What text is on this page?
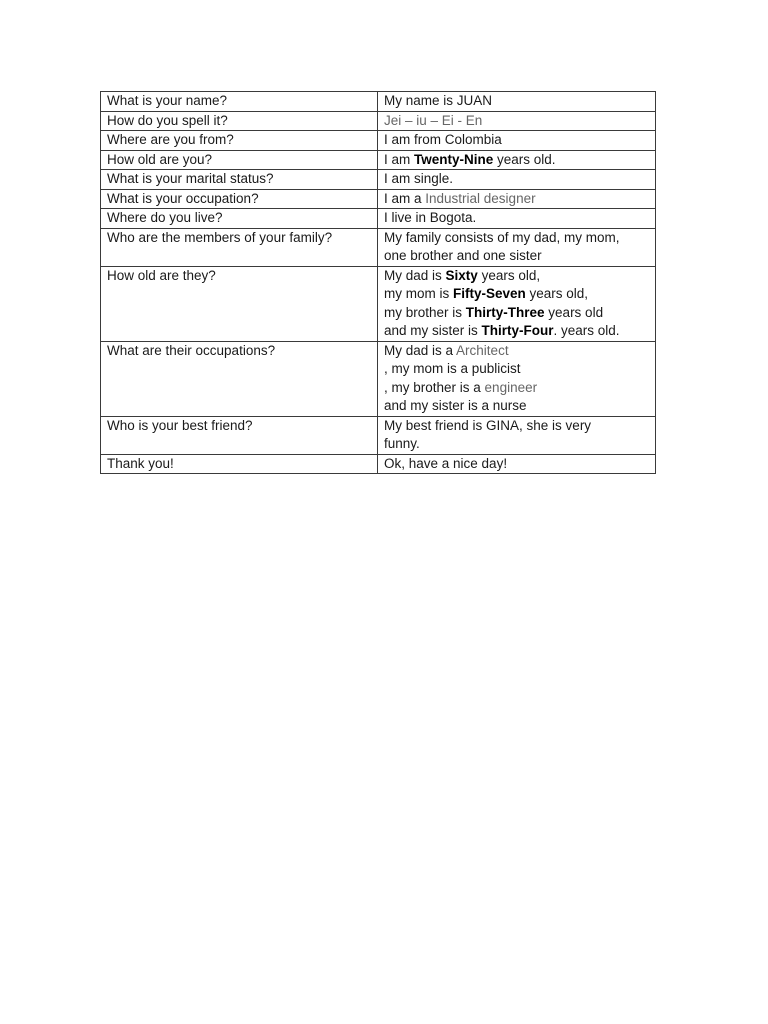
What is your name?	My name is JUAN

How do you spell it?	Jei – iu – Ei - En

Where are you from?	I am from Colombia

How old are you?	I am Twenty-Nine years old.

What is your marital status?	I am single.

What is your occupation?	I am a Industrial designer

Where do you live?	I live in Bogota.

Who are the members of your family?	My family consists of my dad, my mom,
one brother and one sister

How old are they?	My dad is Sixty years old,
my mom is Fifty-Seven years old,
my brother is Thirty-Three years old
and my sister is Thirty-Four. years old.

What are their occupations?	My dad is a Architect
, my mom is a publicist
, my brother is a engineer
and my sister is a nurse

Who is your best friend?	My best friend is GINA, she is very
funny.

Thank you!	Ok, have a nice day!
